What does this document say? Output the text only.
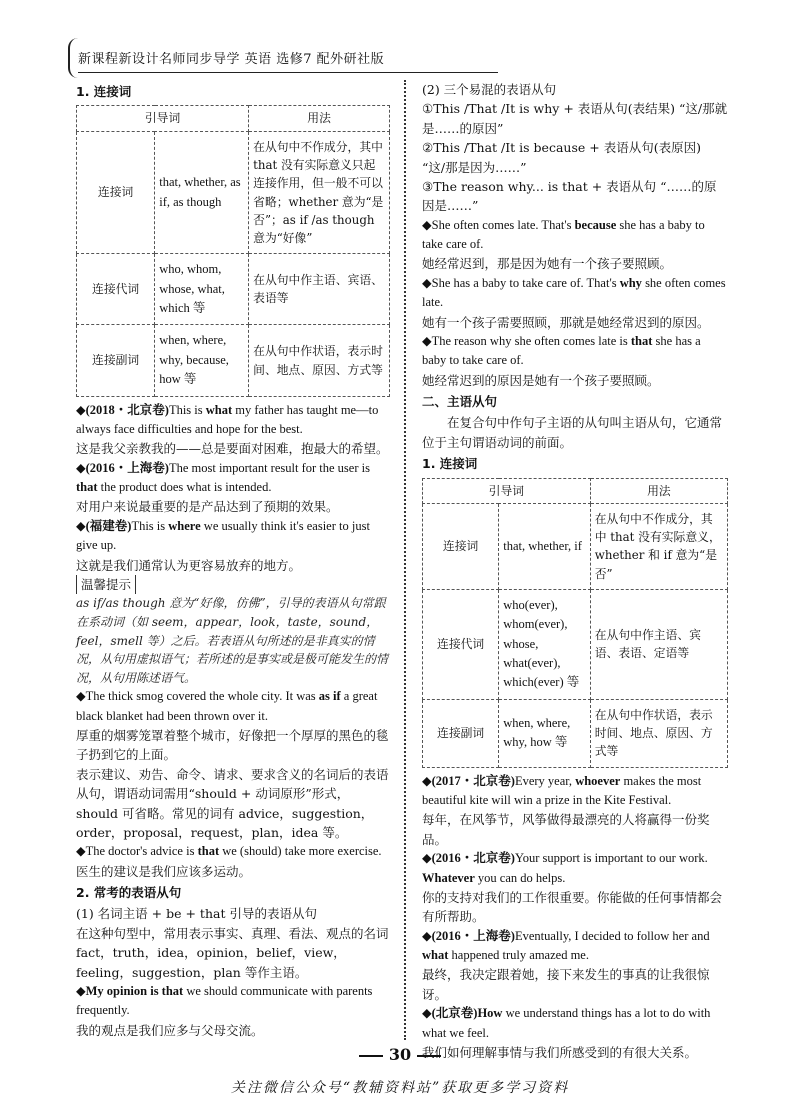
新课程新设计名师同步导学 英语 选修7 配外研社版
1. 连接词
引导词		用法
连接词	that, whether, as if, as though	在从句中不作成分，其中 that 没有实际意义只起连接作用，但一般不可以省略；whether 意为“是否”；as if /as though 意为“好像”
连接代词	who, whom, whose, what, which 等	在从句中作主语、宾语、表语等
连接副词	when, where, why, because, how 等	在从句中作状语，表示时间、地点、原因、方式等

◆ (2018・北京卷)This is what my father has taught me—to always face difficulties and hope for the best.

这是我父亲教我的——总是要面对困难，抱最大的希望。

◆ (2016・上海卷)The most important result for the user is that the product does what is intended.

对用户来说最重要的是产品达到了预期的效果。

◆ (福建卷)This is where we usually think it's easier to just give up.

这就是我们通常认为更容易放弃的地方。

温馨提示

as if/as though 意为“好像，仿佛”，引导的表语从句常跟在系动词（如 seem，appear，look，taste，sound，feel，smell 等）之后。若表语从句所述的是非真实的情况，从句用虚拟语气；若所述的是事实或是极可能发生的情况，从句用陈述语气。

◆ The thick smog covered the whole city. It was as if a great black blanket had been thrown over it.

厚重的烟雾笼罩着整个城市，好像把一个厚厚的黑色的毯子扔到它的上面。

表示建议、劝告、命令、请求、要求含义的名词后的表语从句，谓语动词需用“should + 动词原形”形式，should 可省略。常见的词有 advice，suggestion，order，proposal，request，plan，idea 等。

◆ The doctor's advice is that we (should) take more exercise.

医生的建议是我们应该多运动。

2. 常考的表语从句

(1) 名词主语 + be + that 引导的表语从句

在这种句型中，常用表示事实、真理、看法、观点的名词 fact，truth，idea，opinion，belief，view，feeling，suggestion，plan 等作主语。

◆ My opinion is that we should communicate with parents frequently.

我的观点是我们应多与父母交流。

(2) 三个易混的表语从句

①This /That /It is why + 表语从句(表结果) “这/那就是……的原因”

②This /That /It is because + 表语从句(表原因) “这/那是因为……”

③The reason why... is that + 表语从句 “……的原因是……”

◆ She often comes late. That's because she has a baby to take care of.

她经常迟到，那是因为她有一个孩子要照顾。

◆ She has a baby to take care of. That's why she often comes late.

她有一个孩子需要照顾，那就是她经常迟到的原因。

◆ The reason why she often comes late is that she has a baby to take care of.

她经常迟到的原因是她有一个孩子要照顾。

二、主语从句

在复合句中作句子主语的从句叫主语从句，它通常位于主句谓语动词的前面。

1. 连接词
引导词		用法
连接词	that, whether, if	在从句中不作成分，其中 that 没有实际意义，whether 和 if 意为“是否”
连接代词	who(ever), whom(ever), whose, what(ever), which(ever) 等	在从句中作主语、宾语、表语、定语等
连接副词	when, where, why, how 等	在从句中作状语，表示时间、地点、原因、方式等

◆ (2017・北京卷)Every year, whoever makes the most beautiful kite will win a prize in the Kite Festival.

每年，在风筝节，风筝做得最漂亮的人将赢得一份奖品。

◆ (2016・北京卷)Your support is important to our work. Whatever you can do helps.

你的支持对我们的工作很重要。你能做的任何事情都会有所帮助。

◆ (2016・上海卷)Eventually, I decided to follow her and what happened truly amazed me.

最终，我决定跟着她，接下来发生的事真的让我很惊讶。

◆ (北京卷)How we understand things has a lot to do with what we feel.

我们如何理解事情与我们所感受到的有很大关系。

30
关注微信公众号“教辅资料站”获取更多学习资料
